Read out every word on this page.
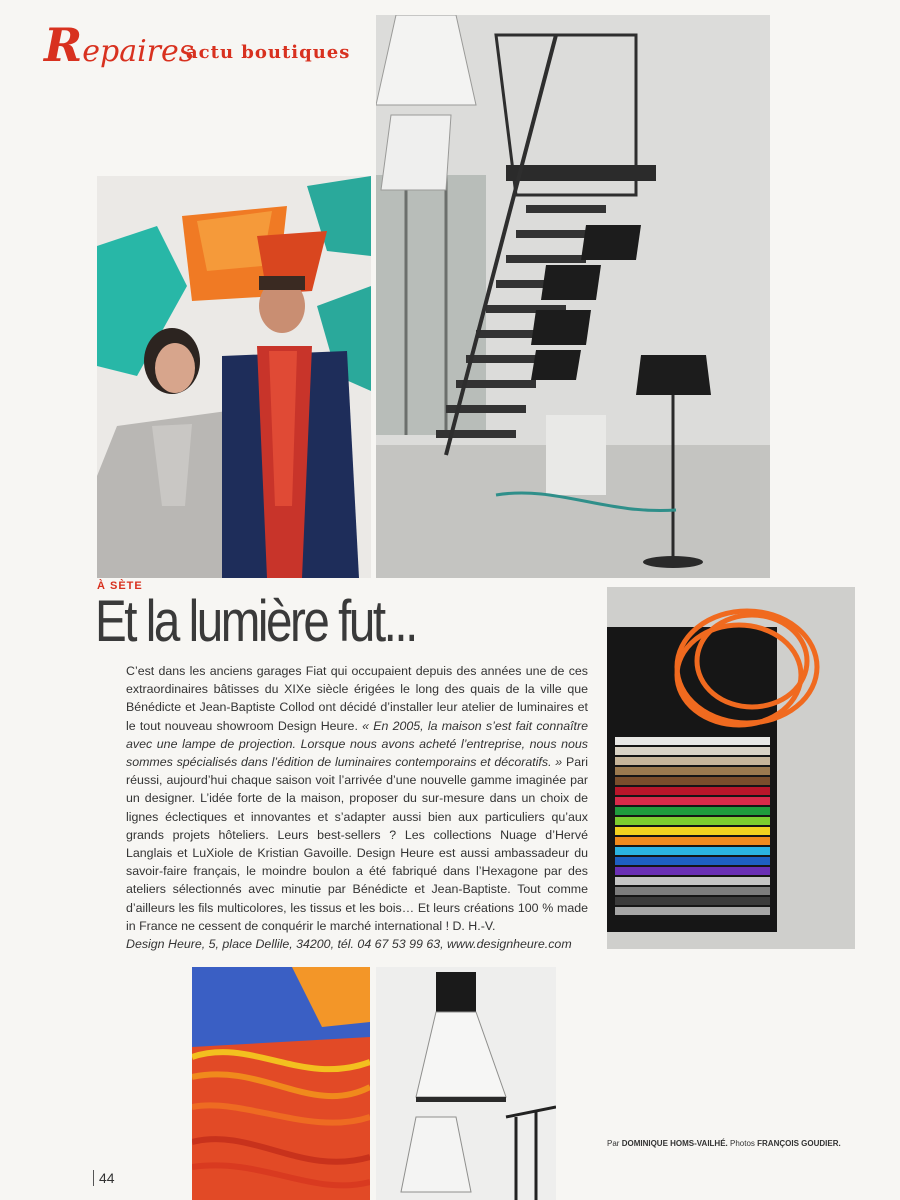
Repaires
actu boutiques
À SÈTE
Et la lumière fut...

C’est dans les anciens garages Fiat qui occupaient depuis des années une de ces extraordinaires bâtisses du XIXe siècle érigées le long des quais de la ville que Bénédicte et Jean-Baptiste Collod ont décidé d’installer leur atelier de luminaires et le tout nouveau showroom Design Heure. « En 2005, la maison s’est fait connaître avec une lampe de projection. Lorsque nous avons acheté l’entreprise, nous nous sommes spécialisés dans l’édition de luminaires contemporains et décoratifs. » Pari réussi, aujourd’hui chaque saison voit l’arrivée d’une nouvelle gamme imaginée par un designer. L’idée forte de la maison, proposer du sur-mesure dans un choix de lignes éclectiques et innovantes et s’adapter aussi bien aux particuliers qu’aux grands projets hôteliers. Leurs best-sellers ? Les collections Nuage d’Hervé Langlais et LuXiole de Kristian Gavoille. Design Heure est aussi ambassadeur du savoir-faire français, le moindre boulon a été fabriqué dans l’Hexagone par des ateliers sélectionnés avec minutie par Bénédicte et Jean-Baptiste. Tout comme d’ailleurs les fils multicolores, les tissus et les bois… Et leurs créations 100 % made in France ne cessent de conquérir le marché international ! D. H.-V.

Design Heure, 5, place Dellile, 34200, tél. 04 67 53 99 63, www.designheure.com
Par DOMINIQUE HOMS-VAILHÉ. Photos FRANÇOIS GOUDIER.
44
